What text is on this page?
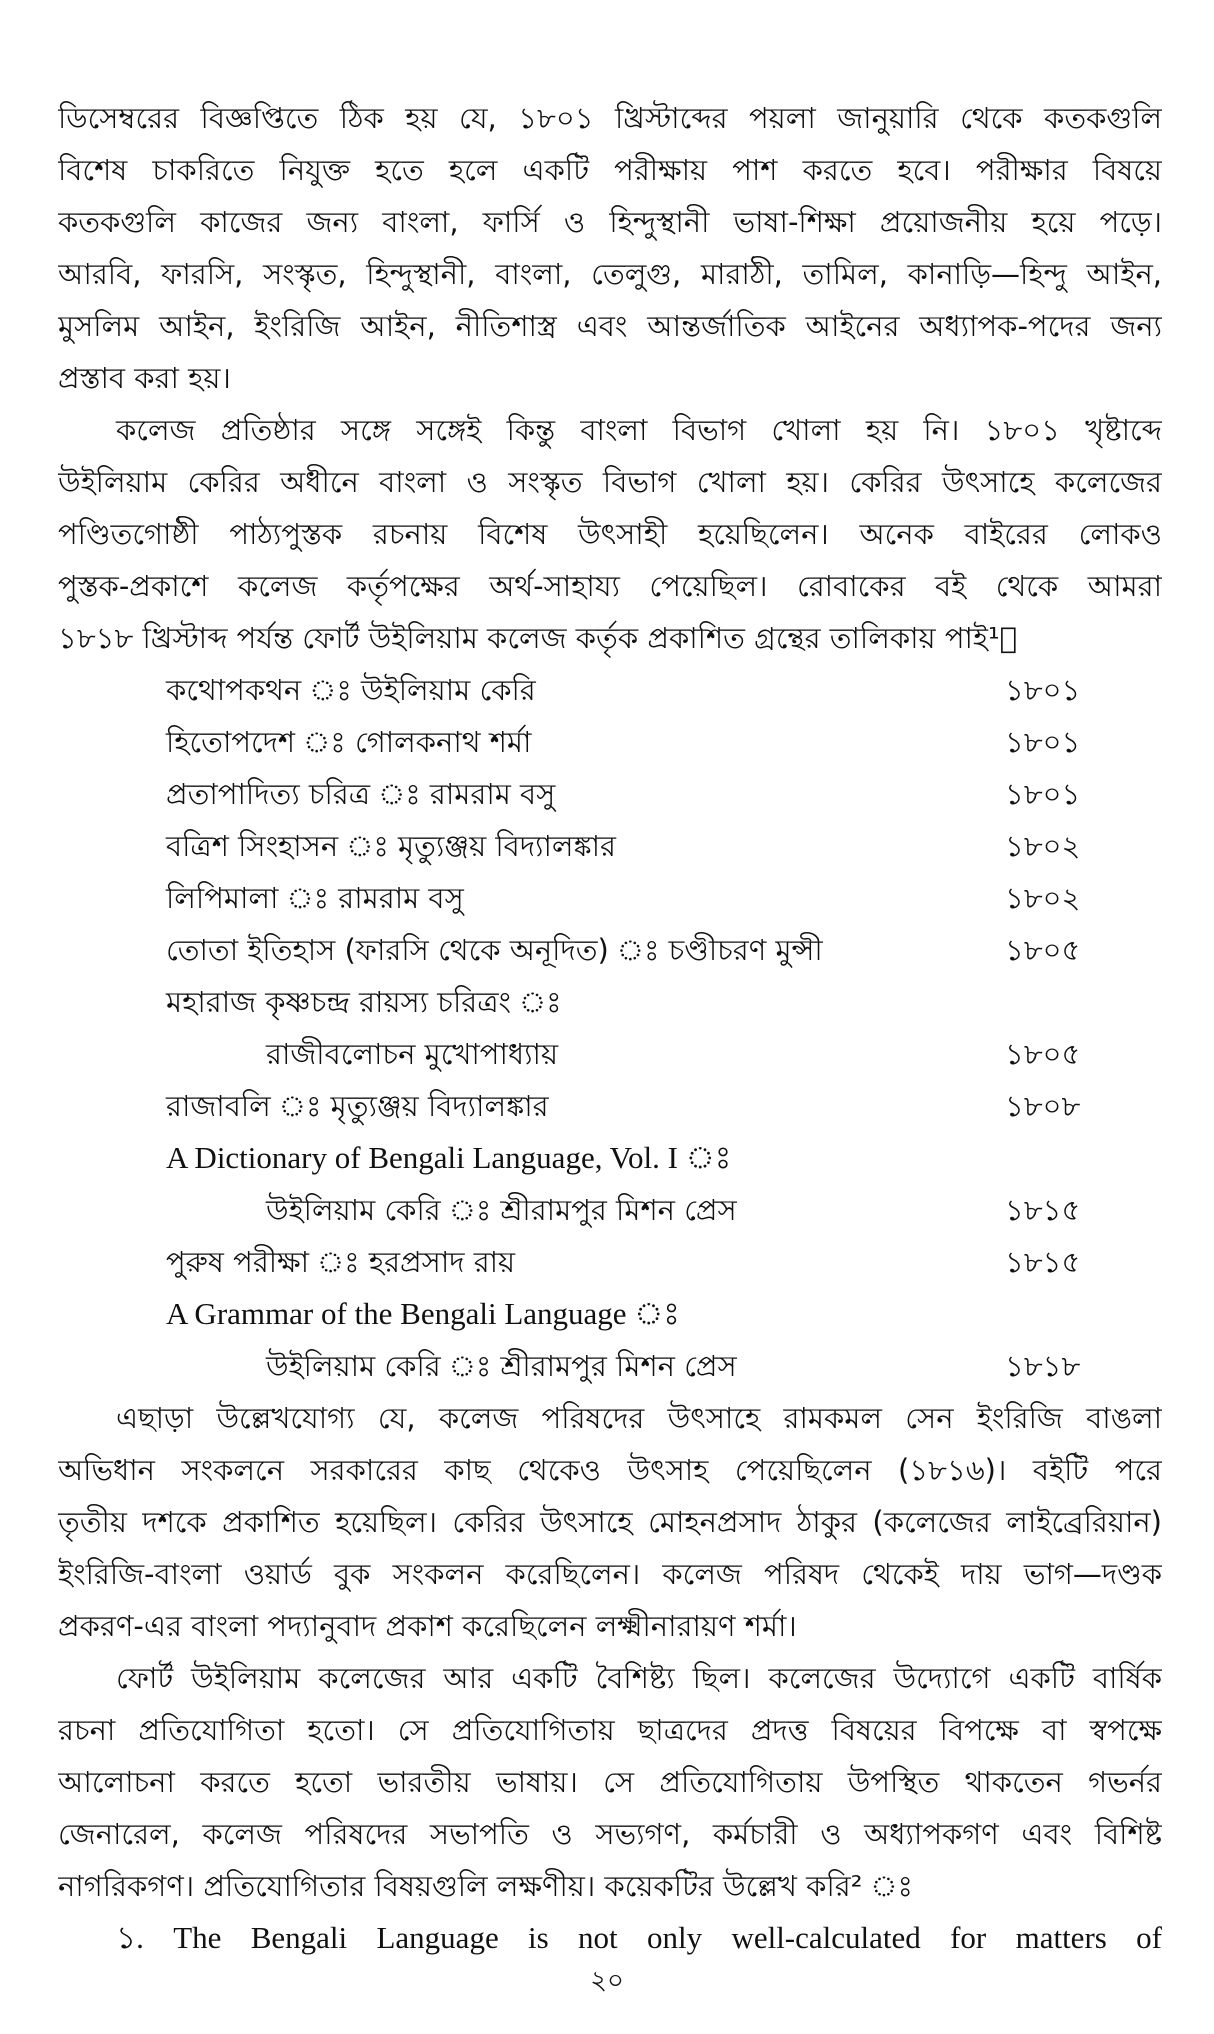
ডিসেম্বরের বিজ্ঞপ্তিতে ঠিক হয় যে, ১৮০১ খ্রিস্টাব্দের পয়লা জানুয়ারি থেকে কতকগুলি
বিশেষ চাকরিতে নিযুক্ত হতে হলে একটি পরীক্ষায় পাশ করতে হবে। পরীক্ষার বিষয়ে
কতকগুলি কাজের জন্য বাংলা, ফার্সি ও হিন্দুস্থানী ভাষা-শিক্ষা প্রয়োজনীয় হয়ে পড়ে।
আরবি, ফারসি, সংস্কৃত, হিন্দুস্থানী, বাংলা, তেলুগু, মারাঠী, তামিল, কানাড়ি—হিন্দু আইন,
মুসলিম আইন, ইংরিজি আইন, নীতিশাস্ত্র এবং আন্তর্জাতিক আইনের অধ্যাপক-পদের জন্য
প্রস্তাব করা হয়।
কলেজ প্রতিষ্ঠার সঙ্গে সঙ্গেই কিন্তু বাংলা বিভাগ খোলা হয় নি। ১৮০১ খৃষ্টাব্দে
উইলিয়াম কেরির অধীনে বাংলা ও সংস্কৃত বিভাগ খোলা হয়। কেরির উৎসাহে কলেজের
পণ্ডিতগোষ্ঠী পাঠ্যপুস্তক রচনায় বিশেষ উৎসাহী হয়েছিলেন। অনেক বাইরের লোকও
পুস্তক-প্রকাশে কলেজ কর্তৃপক্ষের অর্থ-সাহায্য পেয়েছিল। রোবাকের বই থেকে আমরা
১৮১৮ খ্রিস্টাব্দ পর্যন্ত ফোর্ট উইলিয়াম কলেজ কর্তৃক প্রকাশিত গ্রন্থের তালিকায় পাই¹ঃ
কথোপকথন ঃ উইলিয়াম কেরি	১৮০১
হিতোপদেশ ঃ গোলকনাথ শর্মা	১৮০১
প্রতাপাদিত্য চরিত্র ঃ রামরাম বসু	১৮০১
বত্রিশ সিংহাসন ঃ মৃত্যুঞ্জয় বিদ্যালঙ্কার	১৮০২
লিপিমালা ঃ রামরাম বসু	১৮০২
তোতা ইতিহাস (ফারসি থেকে অনূদিত) ঃ চণ্ডীচরণ মুন্সী	১৮০৫
মহারাজ কৃষ্ণচন্দ্র রায়স্য চরিত্রং ঃ
রাজীবলোচন মুখোপাধ্যায়	১৮০৫
রাজাবলি ঃ মৃত্যুঞ্জয় বিদ্যালঙ্কার	১৮০৮
A Dictionary of Bengali Language, Vol. I ঃ
উইলিয়াম কেরি ঃ শ্রীরামপুর মিশন প্রেস	১৮১৫
পুরুষ পরীক্ষা ঃ হরপ্রসাদ রায়	১৮১৫
A Grammar of the Bengali Language ঃ
উইলিয়াম কেরি ঃ শ্রীরামপুর মিশন প্রেস	১৮১৮
এছাড়া উল্লেখযোগ্য যে, কলেজ পরিষদের উৎসাহে রামকমল সেন ইংরিজি বাঙলা
অভিধান সংকলনে সরকারের কাছ থেকেও উৎসাহ পেয়েছিলেন (১৮১৬)। বইটি পরে
তৃতীয় দশকে প্রকাশিত হয়েছিল। কেরির উৎসাহে মোহনপ্রসাদ ঠাকুর (কলেজের লাইব্রেরিয়ান)
ইংরিজি-বাংলা ওয়ার্ড বুক সংকলন করেছিলেন। কলেজ পরিষদ থেকেই দায় ভাগ—দণ্ডক
প্রকরণ-এর বাংলা পদ্যানুবাদ প্রকাশ করেছিলেন লক্ষ্মীনারায়ণ শর্মা।
ফোর্ট উইলিয়াম কলেজের আর একটি বৈশিষ্ট্য ছিল। কলেজের উদ্যোগে একটি বার্ষিক
রচনা প্রতিযোগিতা হতো। সে প্রতিযোগিতায় ছাত্রদের প্রদত্ত বিষয়ের বিপক্ষে বা স্বপক্ষে
আলোচনা করতে হতো ভারতীয় ভাষায়। সে প্রতিযোগিতায় উপস্থিত থাকতেন গভর্নর
জেনারেল, কলেজ পরিষদের সভাপতি ও সভ্যগণ, কর্মচারী ও অধ্যাপকগণ এবং বিশিষ্ট
নাগরিকগণ। প্রতিযোগিতার বিষয়গুলি লক্ষণীয়। কয়েকটির উল্লেখ করি² ঃ
১. The Bengali Language is not only well-calculated for matters of
২০
